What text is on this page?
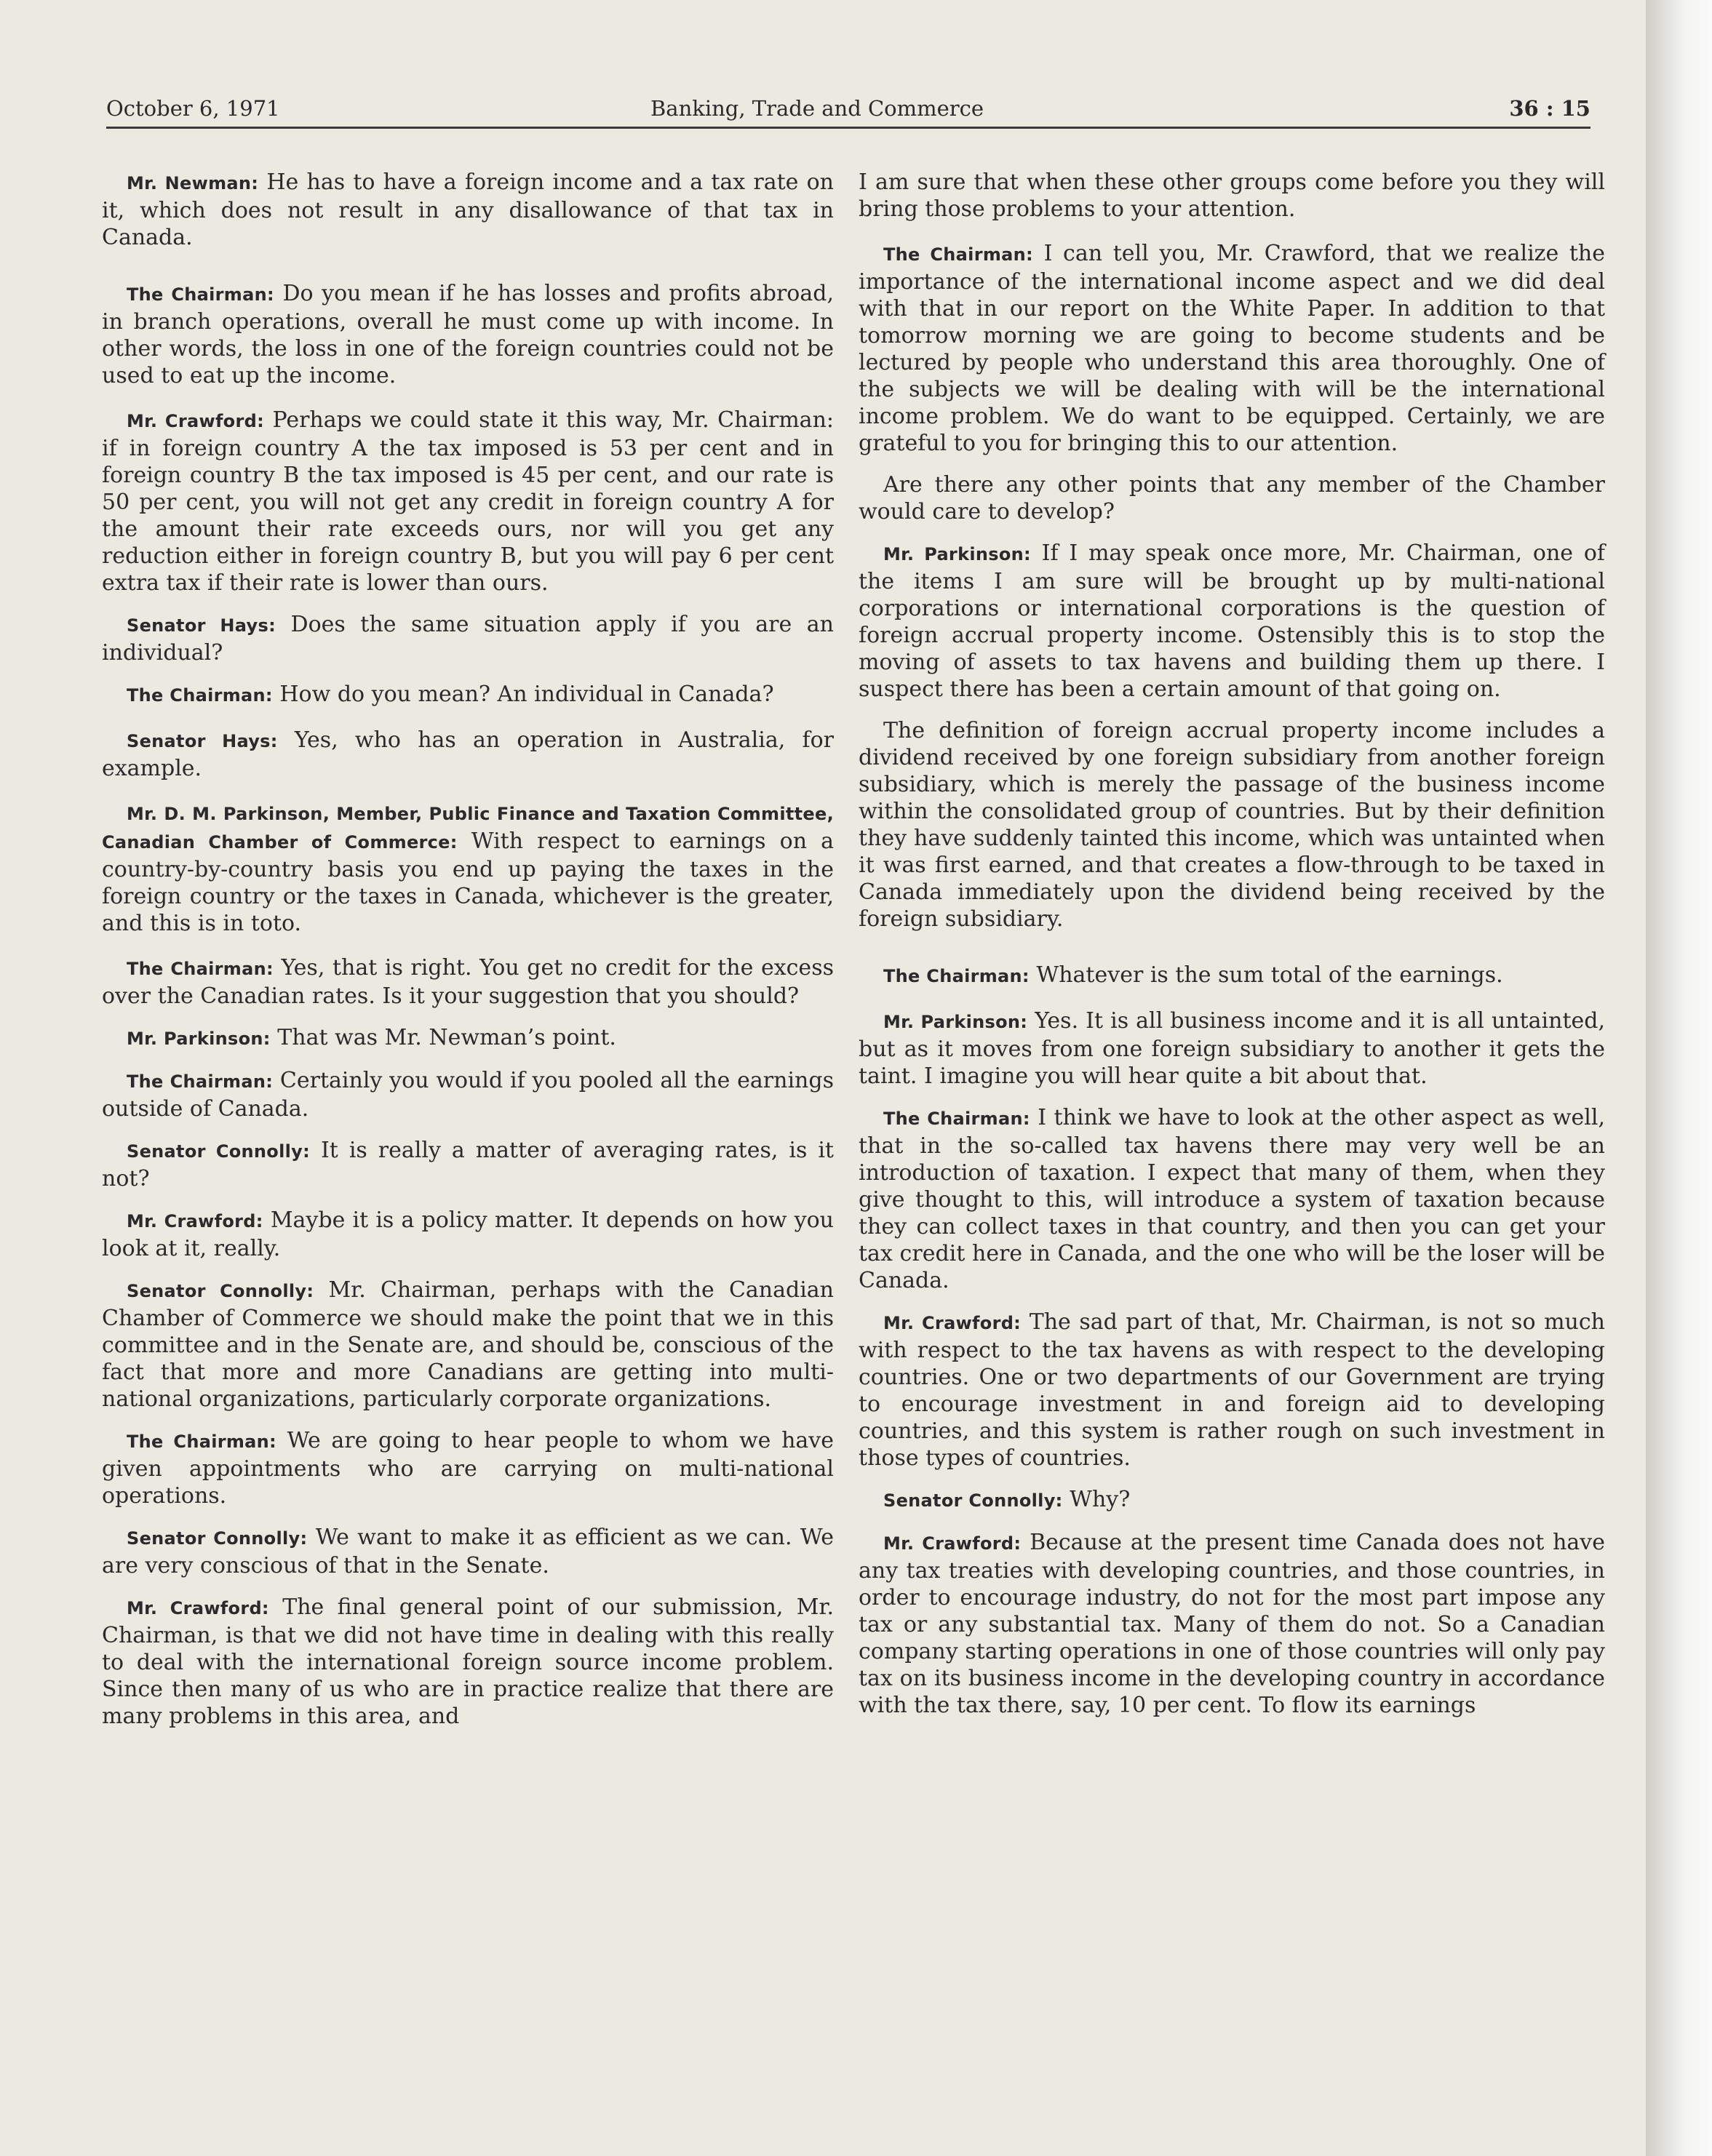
October 6, 1971	Banking, Trade and Commerce	36 : 15

Mr. Newman: He has to have a foreign income and a tax rate on it, which does not result in any disallowance of that tax in Canada.

The Chairman: Do you mean if he has losses and profits abroad, in branch operations, overall he must come up with income. In other words, the loss in one of the foreign countries could not be used to eat up the income.

Mr. Crawford: Perhaps we could state it this way, Mr. Chairman: if in foreign country A the tax imposed is 53 per cent and in foreign country B the tax imposed is 45 per cent, and our rate is 50 per cent, you will not get any credit in foreign country A for the amount their rate exceeds ours, nor will you get any reduction either in foreign country B, but you will pay 6 per cent extra tax if their rate is lower than ours.

Senator Hays: Does the same situation apply if you are an individual?

The Chairman: How do you mean? An individual in Canada?

Senator Hays: Yes, who has an operation in Australia, for example.

Mr. D. M. Parkinson, Member, Public Finance and Taxation Committee, Canadian Chamber of Commerce: With respect to earnings on a country-by-country basis you end up paying the taxes in the foreign country or the taxes in Canada, whichever is the greater, and this is in toto.

The Chairman: Yes, that is right. You get no credit for the excess over the Canadian rates. Is it your suggestion that you should?

Mr. Parkinson: That was Mr. Newman’s point.

The Chairman: Certainly you would if you pooled all the earnings outside of Canada.

Senator Connolly: It is really a matter of averaging rates, is it not?

Mr. Crawford: Maybe it is a policy matter. It depends on how you look at it, really.

Senator Connolly: Mr. Chairman, perhaps with the Canadian Chamber of Commerce we should make the point that we in this committee and in the Senate are, and should be, conscious of the fact that more and more Canadians are getting into multi-national organizations, particularly corporate organizations.

The Chairman: We are going to hear people to whom we have given appointments who are carrying on multi-national operations.

Senator Connolly: We want to make it as efficient as we can. We are very conscious of that in the Senate.

Mr. Crawford: The final general point of our submission, Mr. Chairman, is that we did not have time in dealing with this really to deal with the international foreign source income problem. Since then many of us who are in practice realize that there are many problems in this area, and

I am sure that when these other groups come before you they will bring those problems to your attention.

The Chairman: I can tell you, Mr. Crawford, that we realize the importance of the international income aspect and we did deal with that in our report on the White Paper. In addition to that tomorrow morning we are going to become students and be lectured by people who understand this area thoroughly. One of the subjects we will be dealing with will be the international income problem. We do want to be equipped. Certainly, we are grateful to you for bringing this to our attention.

Are there any other points that any member of the Chamber would care to develop?

Mr. Parkinson: If I may speak once more, Mr. Chairman, one of the items I am sure will be brought up by multi-national corporations or international corporations is the question of foreign accrual property income. Ostensibly this is to stop the moving of assets to tax havens and building them up there. I suspect there has been a certain amount of that going on.

The definition of foreign accrual property income includes a dividend received by one foreign subsidiary from another foreign subsidiary, which is merely the passage of the business income within the consolidated group of countries. But by their definition they have suddenly tainted this income, which was untainted when it was first earned, and that creates a flow-through to be taxed in Canada immediately upon the dividend being received by the foreign subsidiary.

The Chairman: Whatever is the sum total of the earnings.

Mr. Parkinson: Yes. It is all business income and it is all untainted, but as it moves from one foreign subsidiary to another it gets the taint. I imagine you will hear quite a bit about that.

The Chairman: I think we have to look at the other aspect as well, that in the so-called tax havens there may very well be an introduction of taxation. I expect that many of them, when they give thought to this, will introduce a system of taxation because they can collect taxes in that country, and then you can get your tax credit here in Canada, and the one who will be the loser will be Canada.

Mr. Crawford: The sad part of that, Mr. Chairman, is not so much with respect to the tax havens as with respect to the developing countries. One or two departments of our Government are trying to encourage investment in and foreign aid to developing countries, and this system is rather rough on such investment in those types of countries.

Senator Connolly: Why?

Mr. Crawford: Because at the present time Canada does not have any tax treaties with developing countries, and those countries, in order to encourage industry, do not for the most part impose any tax or any substantial tax. Many of them do not. So a Canadian company starting operations in one of those countries will only pay tax on its business income in the developing country in accordance with the tax there, say, 10 per cent. To flow its earnings
